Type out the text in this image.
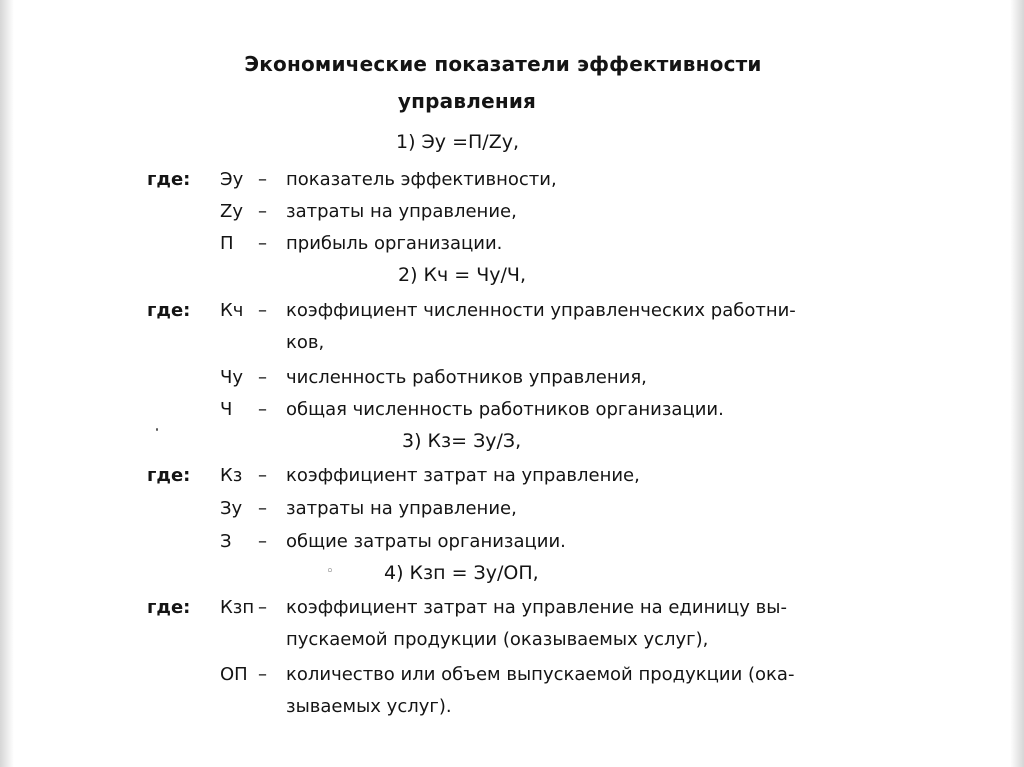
Экономические показатели эффективности
управления
1) Эу =П/Zу,
где: Эу – показатель эффективности,
Zу – затраты на управление,
П – прибыль организации.
2) Кч = Чу/Ч,
где: Кч – коэффициент численности управленческих работни-
ков,
Чу – численность работников управления,
Ч – общая численность работников организации.
3) Кз= Зу/З,
где: Кз – коэффициент затрат на управление,
Зу – затраты на управление,
З – общие затраты организации.
◦	4) Кзп = Зу/ОП,
где: Кзп – коэффициент затрат на управление на единицу вы-
пускаемой продукции (оказываемых услуг),
ОП – количество или объем выпускаемой продукции (ока-
зываемых услуг).
